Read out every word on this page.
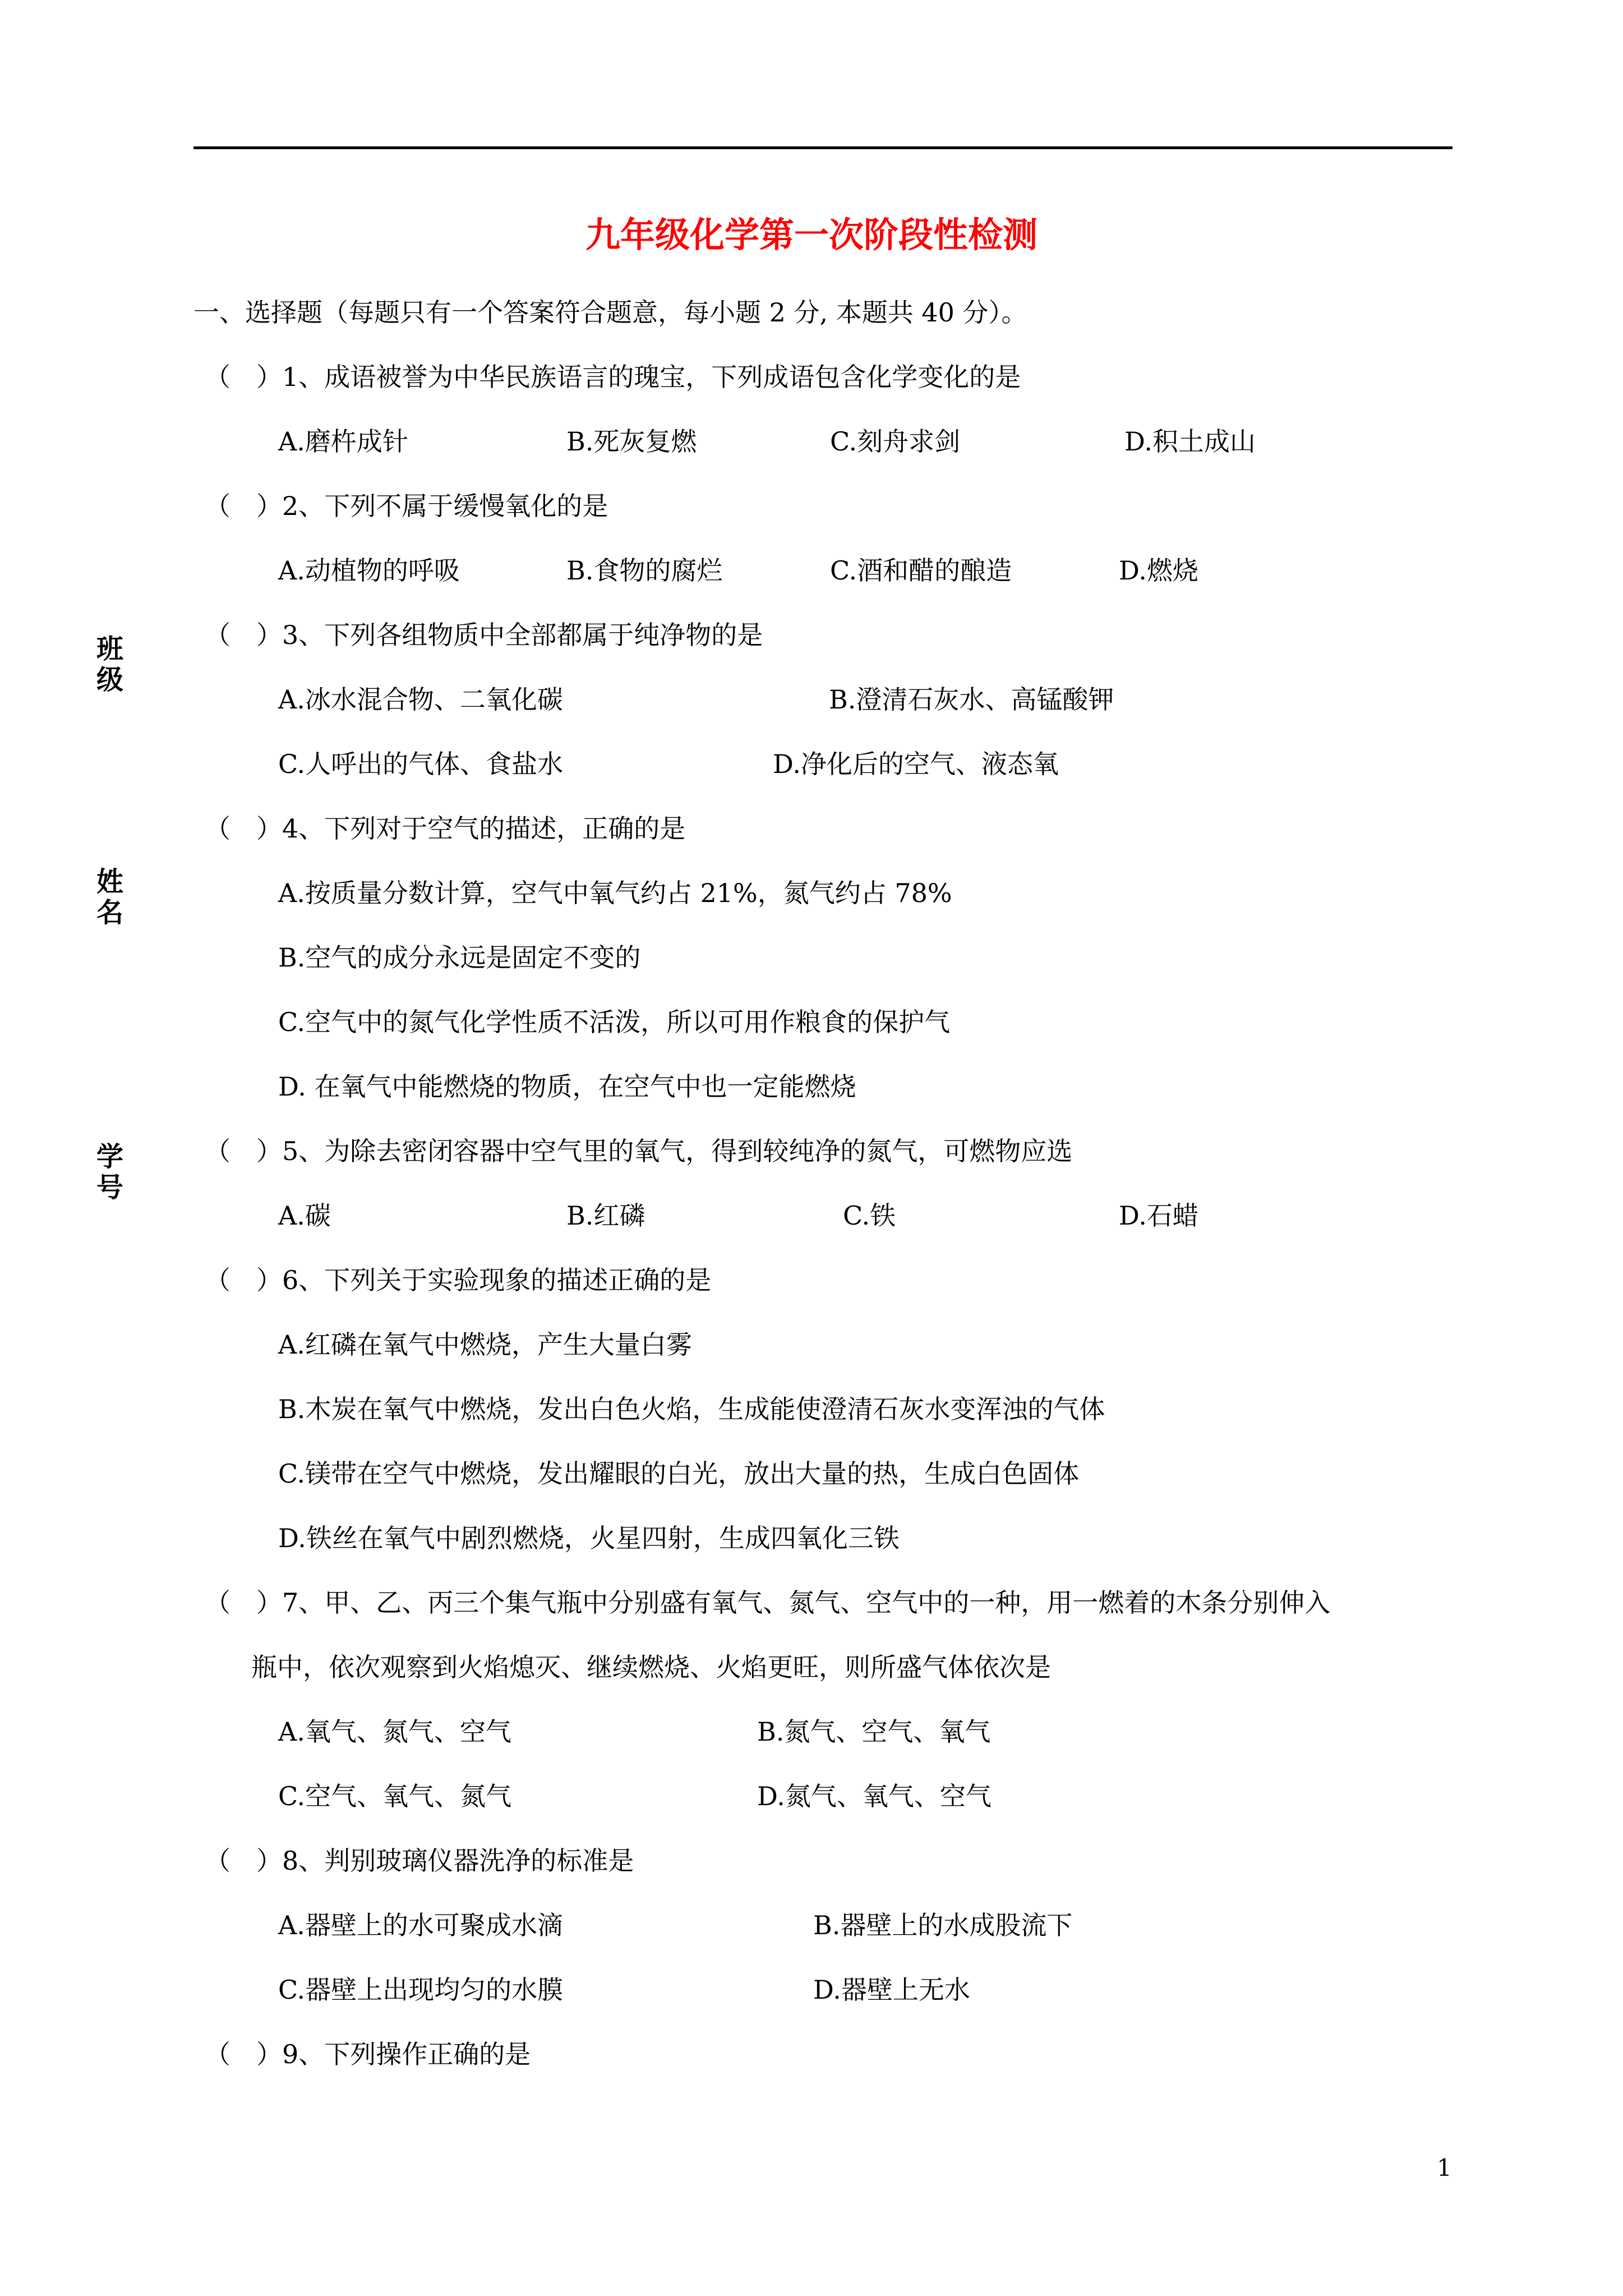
九年级化学第一次阶段性检测
一、选择题（每题只有一个答案符合题意，每小题 2 分, 本题共 40 分）。
班级
姓名
学号
（　）1、成语被誉为中华民族语言的瑰宝，下列成语包含化学变化的是
A.磨杵成针	B.死灰复燃	C.刻舟求剑	D.积土成山
（　）2、下列不属于缓慢氧化的是
A.动植物的呼吸	B.食物的腐烂	C.酒和醋的酿造	D.燃烧
（　）3、下列各组物质中全部都属于纯净物的是
A.冰水混合物、二氧化碳	B.澄清石灰水、高锰酸钾
C.人呼出的气体、食盐水	D.净化后的空气、液态氧
（　）4、下列对于空气的描述，正确的是
A.按质量分数计算，空气中氧气约占 21%，氮气约占 78%
B.空气的成分永远是固定不变的
C.空气中的氮气化学性质不活泼，所以可用作粮食的保护气
D. 在氧气中能燃烧的物质，在空气中也一定能燃烧
（　）5、为除去密闭容器中空气里的氧气，得到较纯净的氮气，可燃物应选
A.碳	B.红磷	C.铁	D.石蜡
（　）6、下列关于实验现象的描述正确的是
A.红磷在氧气中燃烧，产生大量白雾
B.木炭在氧气中燃烧，发出白色火焰，生成能使澄清石灰水变浑浊的气体
C.镁带在空气中燃烧，发出耀眼的白光，放出大量的热，生成白色固体
D.铁丝在氧气中剧烈燃烧，火星四射，生成四氧化三铁
（　）7、甲、乙、丙三个集气瓶中分别盛有氧气、氮气、空气中的一种，用一燃着的木条分别伸入
瓶中，依次观察到火焰熄灭、继续燃烧、火焰更旺，则所盛气体依次是
A.氧气、氮气、空气	B.氮气、空气、氧气
C.空气、氧气、氮气	D.氮气、氧气、空气
（　）8、判别玻璃仪器洗净的标准是
A.器壁上的水可聚成水滴	B.器壁上的水成股流下
C.器壁上出现均匀的水膜	D.器壁上无水
（　）9、下列操作正确的是
1
